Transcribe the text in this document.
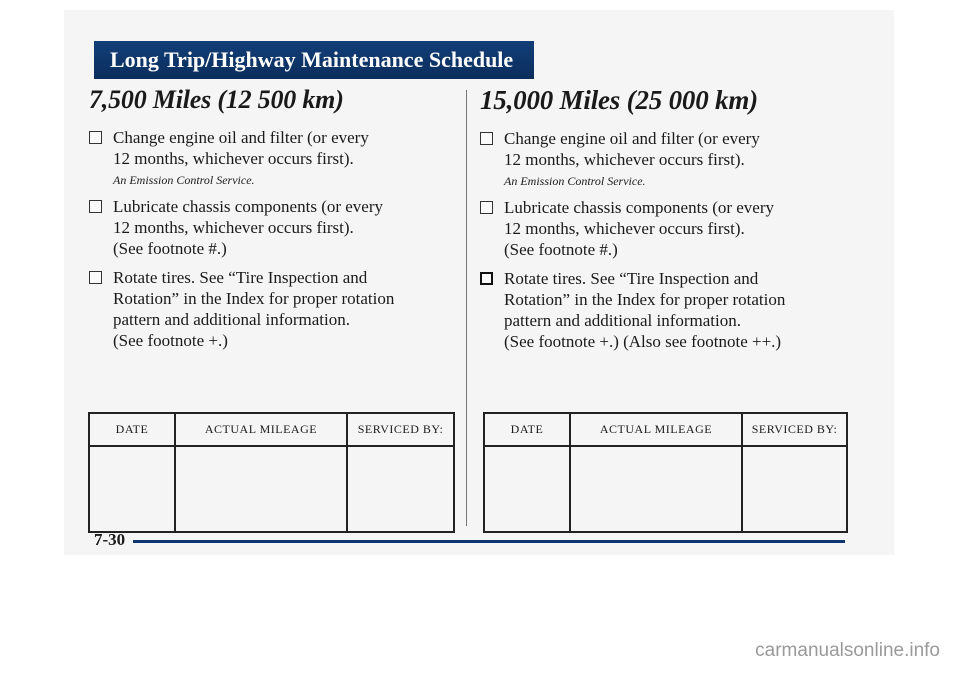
Long Trip/Highway Maintenance Schedule
7,500 Miles (12 500 km)
Change engine oil and filter (or every
12 months, whichever occurs first).
An Emission Control Service.
Lubricate chassis components (or every
12 months, whichever occurs first).
(See footnote #.)
Rotate tires. See “Tire Inspection and
Rotation” in the Index for proper rotation
pattern and additional information.
(See footnote +.)
15,000 Miles (25 000 km)
Change engine oil and filter (or every
12 months, whichever occurs first).
An Emission Control Service.
Lubricate chassis components (or every
12 months, whichever occurs first).
(See footnote #.)
Rotate tires. See “Tire Inspection and
Rotation” in the Index for proper rotation
pattern and additional information.
(See footnote +.) (Also see footnote ++.)
DATE	ACTUAL MILEAGE	SERVICED BY:
			DATE	ACTUAL MILEAGE	SERVICED BY:

7-30
carmanualsonline.info
